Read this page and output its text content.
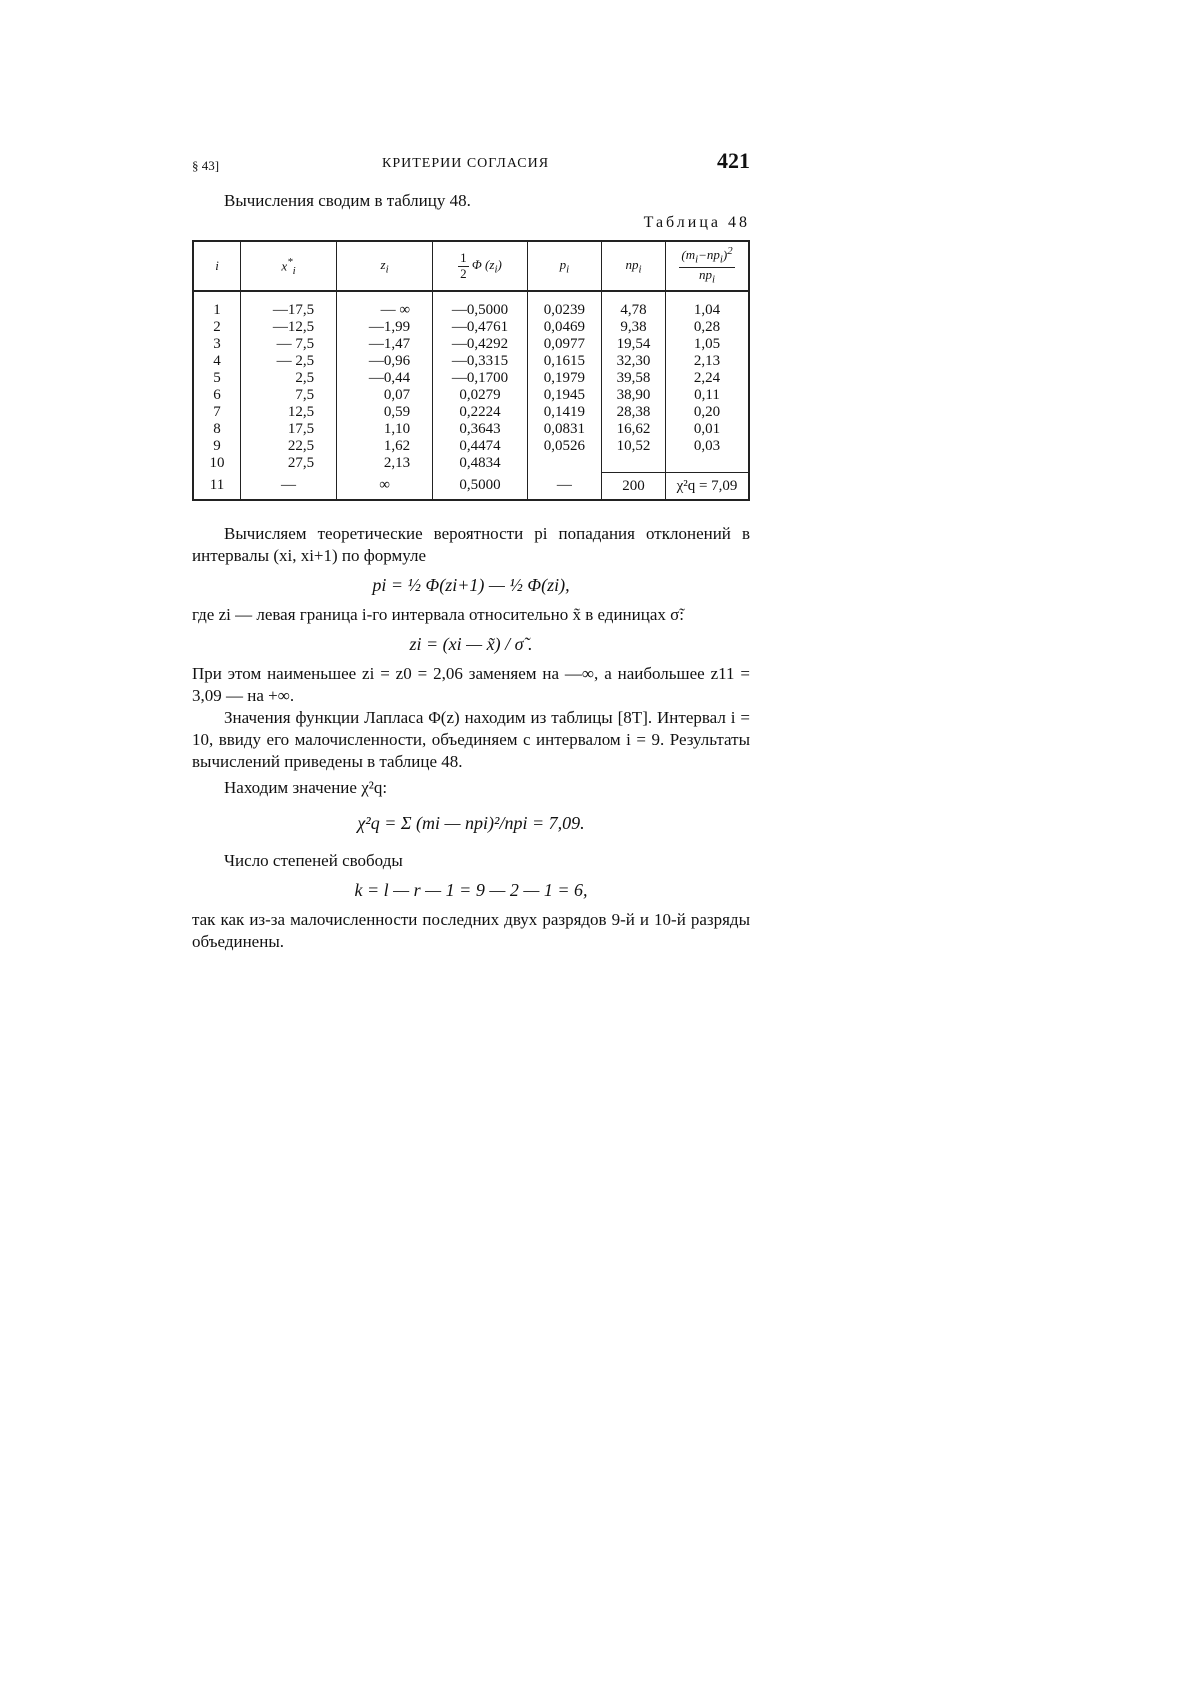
§ 43]	КРИТЕРИИ СОГЛАСИЯ	421

Вычисления сводим в таблицу 48.

Таблица 48
i	$x^*_i$	$z_i$	$\frac{1}{2}$ Φ $(z_i)$	$p_i$	$np_i$	$\frac{(m_i-np_i)^2}{np_i}$

1	—17,5	— ∞	—0,5000	0,0239	4,78	1,04
2	—12,5	—1,99	—0,4761	0,0469	9,38	0,28
3	— 7,5	—1,47	—0,4292	0,0977	19,54	1,05
4	— 2,5	—0,96	—0,3315	0,1615	32,30	2,13
5	2,5	—0,44	—0,1700	0,1979	39,58	2,24
6	7,5	0,07	0,0279	0,1945	38,90	0,11
7	12,5	0,59	0,2224	0,1419	28,38	0,20
8	17,5	1,10	0,3643	0,0831	16,62	0,01
9	22,5	1,62	0,4474	0,0526	10,52	0,03
10	27,5	2,13	0,4834			
11	—	∞	0,5000	—	200	χ²q = 7,09

Вычисляем теоретические вероятности pi попадания отклонений в интервалы (xi, xi+1) по формуле

pi = ½ Φ(zi+1) — ½ Φ(zi),

где zi — левая граница i-го интервала относительно x̃ в единицах σ̃:

zi = (xi — x̃) / σ̃ .

При этом наименьшее zi = z0 = 2,06 заменяем на —∞, а наибольшее z11 = 3,09 — на +∞.

Значения функции Лапласа Φ(z) находим из таблицы [8Т]. Интервал i = 10, ввиду его малочисленности, объединяем с интервалом i = 9. Результаты вычислений приведены в таблице 48.

Находим значение χ²q:

χ²q = Σ (mi — npi)²/npi = 7,09.

Число степеней свободы

k = l — r — 1 = 9 — 2 — 1 = 6,

так как из-за малочисленности последних двух разрядов 9-й и 10-й разряды объединены.
